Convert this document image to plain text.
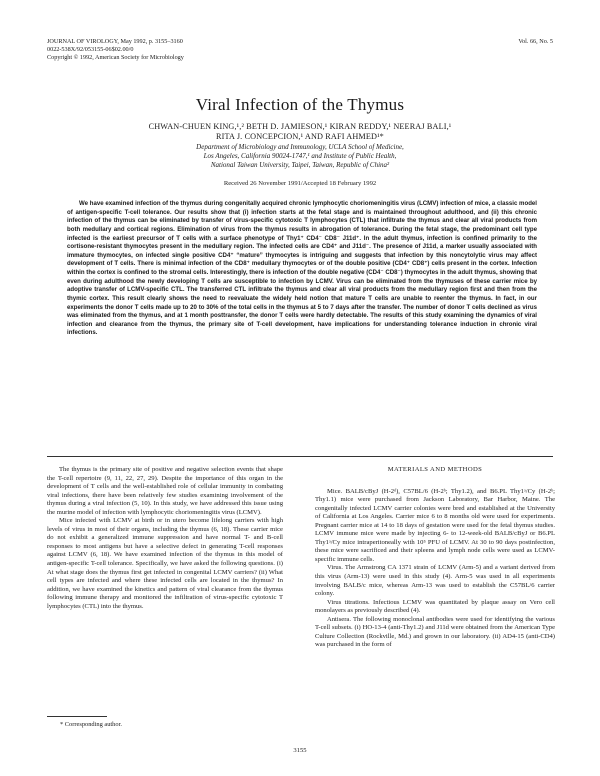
JOURNAL OF VIROLOGY, May 1992, p. 3155–3160
0022-538X/92/053155-06$02.00/0
Copyright © 1992, American Society for Microbiology
Vol. 66, No. 5
Viral Infection of the Thymus
CHWAN-CHUEN KING,¹,² BETH D. JAMIESON,¹ KIRAN REDDY,¹ NEERAJ BALI,¹
RITA J. CONCEPCION,¹ AND RAFI AHMED¹*
Department of Microbiology and Immunology, UCLA School of Medicine,
Los Angeles, California 90024-1747,¹ and Institute of Public Health,
National Taiwan University, Taipei, Taiwan, Republic of China²
Received 26 November 1991/Accepted 18 February 1992

We have examined infection of the thymus during congenitally acquired chronic lymphocytic choriomeningitis virus (LCMV) infection of mice, a classic model of antigen-specific T-cell tolerance. Our results show that (i) infection starts at the fetal stage and is maintained throughout adulthood, and (ii) this chronic infection of the thymus can be eliminated by transfer of virus-specific cytotoxic T lymphocytes (CTL) that infiltrate the thymus and clear all viral products from both medullary and cortical regions. Elimination of virus from the thymus results in abrogation of tolerance. During the fetal stage, the predominant cell type infected is the earliest precursor of T cells with a surface phenotype of Thy1⁺ CD4⁻ CD8⁻ J11d⁺. In the adult thymus, infection is confined primarily to the cortisone-resistant thymocytes present in the medullary region. The infected cells are CD4⁺ and J11d⁻. The presence of J11d, a marker usually associated with immature thymocytes, on infected single positive CD4⁺ “mature” thymocytes is intriguing and suggests that infection by this noncytolytic virus may affect development of T cells. There is minimal infection of the CD8⁺ medullary thymocytes or of the double positive (CD4⁺ CD8⁺) cells present in the cortex. Infection within the cortex is confined to the stromal cells. Interestingly, there is infection of the double negative (CD4⁻ CD8⁻) thymocytes in the adult thymus, showing that even during adulthood the newly developing T cells are susceptible to infection by LCMV. Virus can be eliminated from the thymuses of these carrier mice by adoptive transfer of LCMV-specific CTL. The transferred CTL infiltrate the thymus and clear all viral products from the medullary region first and then from the thymic cortex. This result clearly shows the need to reevaluate the widely held notion that mature T cells are unable to reenter the thymus. In fact, in our experiments the donor T cells made up to 20 to 30% of the total cells in the thymus at 5 to 7 days after the transfer. The number of donor T cells declined as virus was eliminated from the thymus, and at 1 month posttransfer, the donor T cells were hardly detectable. The results of this study examining the dynamics of viral infection and clearance from the thymus, the primary site of T-cell development, have implications for understanding tolerance induction in chronic viral infections.

The thymus is the primary site of positive and negative selection events that shape the T-cell repertoire (9, 11, 22, 27, 29). Despite the importance of this organ in the development of T cells and the well-established role of cellular immunity in combating viral infections, there have been relatively few studies examining involvement of the thymus during a viral infection (5, 10). In this study, we have addressed this issue using the murine model of infection with lymphocytic choriomeningitis virus (LCMV).

Mice infected with LCMV at birth or in utero become lifelong carriers with high levels of virus in most of their organs, including the thymus (6, 18). These carrier mice do not exhibit a generalized immune suppression and have normal T- and B-cell responses to most antigens but have a selective defect in generating T-cell responses against LCMV (6, 18). We have examined infection of the thymus in this model of antigen-specific T-cell tolerance. Specifically, we have asked the following questions. (i) At what stage does the thymus first get infected in congenital LCMV carriers? (ii) What cell types are infected and where these infected cells are located in the thymus? In addition, we have examined the kinetics and pattern of viral clearance from the thymus following immune therapy and monitored the infiltration of virus-specific cytotoxic T lymphocytes (CTL) into the thymus.

MATERIALS AND METHODS

Mice. BALB/cByJ (H-2ᵈ), C57BL/6 (H-2ᵇ; Thy1.2), and B6.PL Thy1ᵃ/Cy (H-2ᵇ; Thy1.1) mice were purchased from Jackson Laboratory, Bar Harbor, Maine. The congenitally infected LCMV carrier colonies were bred and established at the University of California at Los Angeles. Carrier mice 6 to 8 months old were used for experiments. Pregnant carrier mice at 14 to 18 days of gestation were used for the fetal thymus studies. LCMV immune mice were made by injecting 6- to 12-week-old BALB/cByJ or B6.PL Thy1ᵃ/Cy mice intraperitoneally with 10⁵ PFU of LCMV. At 30 to 90 days postinfection, these mice were sacrificed and their spleens and lymph node cells were used as LCMV-specific immune cells.

Virus. The Armstrong CA 1371 strain of LCMV (Arm-5) and a variant derived from this virus (Arm-13) were used in this study (4). Arm-5 was used in all experiments involving BALB/c mice, whereas Arm-13 was used to establish the C57BL/6 carrier colony.

Virus titrations. Infectious LCMV was quantitated by plaque assay on Vero cell monolayers as previously described (4).

Antisera. The following monoclonal antibodies were used for identifying the various T-cell subsets. (i) HO-13-4 (anti-Thy1.2) and J11d were obtained from the American Type Culture Collection (Rockville, Md.) and grown in our laboratory. (ii) AD4-15 (anti-CD4) was purchased in the form of

* Corresponding author.
3155
